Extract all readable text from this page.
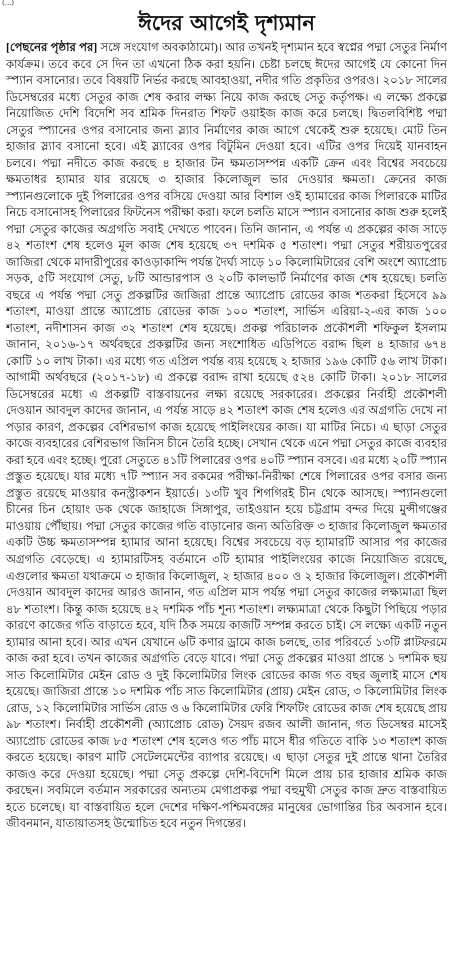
(...)
ঈদের আগেই দৃশ্যমান
[পেছনের পৃষ্ঠার পর] সঙ্গে সংযোগ অবকাঠামো)। আর তখনই দৃশ্যমান হবে স্বপ্নের পদ্মা সেতুর নির্মাণ কার্যক্রম। তবে কবে সে দিন তা এখনো ঠিক করা হয়নি। চেষ্টা চলছে ঈদের আগেই যে কোনো দিন স্প্যান বসানোর। তবে বিষয়টি নির্ভর করছে আবহাওয়া, নদীর গতি প্রকৃতির ওপরও। ২০১৮ সালের ডিসেম্বরের মধ্যে সেতুর কাজ শেষ করার লক্ষ্য নিয়ে কাজ করছে সেতু কর্তৃপক্ষ। এ লক্ষ্যে প্রকল্পে নিয়োজিত দেশি বিদেশি সব শ্রমিক দিনরাত শিফট ওয়াইজ কাজ করে চলছে। দ্বিতলবিশিষ্ট পদ্মা সেতুর স্প্যানের ওপর বসানোর জন্য স্ল্যাব নির্মাণের কাজ আগে থেকেই শুরু হয়েছে। মোট তিন হাজার স্ল্যাব বসানো হবে। এই স্ল্যাবের ওপর বিটুমিন দেওয়া হবে। এটির ওপর দিয়েই যানবাহন চলবে। পদ্মা নদীতে কাজ করছে ৪ হাজার টন ক্ষমতাসম্পন্ন একটি ক্রেন এবং বিশ্বের সবচেয়ে ক্ষমতাধর হ্যামার যার রয়েছে ৩ হাজার কিলোজুল ভার দেওয়ার ক্ষমতা। ক্রেনের কাজ স্প্যানগুলোকে দুই পিলারের ওপর বসিয়ে দেওয়া আর বিশাল ওই হ্যামারের কাজ পিলারকে মাটির নিচে বসানোসহ পিলারের ফিটনেস পরীক্ষা করা। ফলে চলতি মাসে স্প্যান বসানোর কাজ শুরু হলেই পদ্মা সেতুর কাজের অগ্রগতি সবাই দেখতে পাবেন। তিনি জানান, এ পর্যন্ত এ প্রকল্পের কাজ সাড়ে ৪২ শতাংশ শেষ হলেও মূল কাজ শেষ হয়েছে ৩৭ দশমিক ৫ শতাংশ। পদ্মা সেতুর শরীয়তপুরের জাজিরা থেকে মাদারীপুরের কাওড়াকান্দি পর্যন্ত দৈর্ঘ্য সাড়ে ১০ কিলোমিটারের বেশি অংশে অ্যাপ্রোচ সড়ক, ৫টি সংযোগ সেতু, ৮টি আন্ডারপাস ও ২০টি কালভার্ট নির্মাণের কাজ শেষ হয়েছে। চলতি বছরে এ পর্যন্ত পদ্মা সেতু প্রকল্পটির জাজিরা প্রান্তে অ্যাপ্রোচ রোডের কাজ শতকরা হিসেবে ৯৯ শতাংশ, মাওয়া প্রান্তে অ্যাপ্রোচ রোডের কাজ ১০০ শতাংশ, সার্ভিস এরিয়া-২-এর কাজ ১০০ শতাংশ, নদীশাসন কাজ ৩২ শতাংশ শেষ হয়েছে। প্রকল্প পরিচালক প্রকৌশলী শফিকুল ইসলাম জানান, ২০১৬-১৭ অর্থবছরে প্রকল্পটির জন্য সংশোধিত এডিপিতে বরাদ্দ ছিল ৪ হাজার ৬৭৪ কোটি ১০ লাখ টাকা। এর মধ্যে গত এপ্রিল পর্যন্ত ব্যয় হয়েছে ২ হাজার ১৯৬ কোটি ৫৬ লাখ টাকা। আগামী অর্থবছরে (২০১৭-১৮) এ প্রকল্পে বরাদ্দ রাখা হয়েছে ৫২৪ কোটি টাকা। ২০১৮ সালের ডিসেম্বরের মধ্যে এ প্রকল্পটি বাস্তবায়নের লক্ষ্য রয়েছে সরকারের। প্রকল্পের নির্বাহী প্রকৌশলী দেওয়ান আবদুল কাদের জানান, এ পর্যন্ত সাড়ে ৪২ শতাংশ কাজ শেষ হলেও এর অগ্রগতি দেখে না পড়ার কারণ, প্রকল্পের বেশিরভাগ কাজ হয়েছে পাইলিংয়ের কাজ। যা মাটির নিচে। এ ছাড়া সেতুর কাজে ব্যবহারের বেশিরভাগ জিনিস চীনে তৈরি হচ্ছে। সেখান থেকে এনে পদ্মা সেতুর কাজে ব্যবহার করা হবে এবং হচ্ছে। পুরো সেতুতে ৪১টি পিলারের ওপর ৪০টি স্প্যান বসবে। এর মধ্যে ২০টি স্প্যান প্রস্তুত হয়েছে। যার মধ্যে ৭টি স্প্যান সব রকমের পরীক্ষা-নিরীক্ষা শেষে পিলারের ওপর বসার জন্য প্রস্তুত রয়েছে মাওয়ার কনস্ট্রাকশন ইয়ার্ডে। ১৩টি খুব শিগগিরই চীন থেকে আসছে। স্প্যানগুলো চীনের চিন হোয়াং ডক থেকে জাহাজে সিঙ্গাপুর, তাইওয়ান হয়ে চট্টগ্রাম বন্দর দিয়ে মুন্সীগঞ্জের মাওয়ায় পৌঁছায়। পদ্মা সেতুর কাজের গতি বাড়ানোর জন্য অতিরিক্ত ৩ হাজার কিলোজুল ক্ষমতার একটি উচ্চ ক্ষমতাসম্পন্ন হ্যামার আনা হয়েছে। বিশ্বের সবচেয়ে বড় হ্যামারটি আসার পর কাজের অগ্রগতি বেড়েছে। এ হ্যামারটিসহ বর্তমানে ৩টি হ্যামার পাইলিংয়ের কাজে নিয়োজিত রয়েছে, এগুলোর ক্ষমতা যথাক্রমে ৩ হাজার কিলোজুল, ২ হাজার ৪০০ ও ২ হাজার কিলোজুল। প্রকৌশলী দেওয়ান আবদুল কাদের আরও জানান, গত এপ্রিল মাস পর্যন্ত পদ্মা সেতুর কাজের লক্ষ্যমাত্রা ছিল ৪৮ শতাংশ। কিন্তু কাজ হয়েছে ৪২ দশমিক পাঁচ শূন্য শতাংশ। লক্ষ্যমাত্রা থেকে কিছুটা পিছিয়ে পড়ার কারণে কাজের গতি বাড়াতে হবে, যদি ঠিক সময়ে কাজটি সম্পন্ন করতে চাই। সে লক্ষ্যে একটি নতুন হ্যামার আনা হবে। আর এখন যেখানে ৬টি কণার ড্রামে কাজ চলছে, তার পরিবর্তে ১৩টি প্লাটফরমে কাজ করা হবে। তখন কাজের অগ্রগতি বেড়ে যাবে। পদ্মা সেতু প্রকল্পের মাওয়া প্রান্তে ১ দশমিক ছয় সাত কিলোমিটার মেইন রোড ও দুই কিলোমিটার লিংক রোডের কাজ গত বছর জুলাই মাসে শেষ হয়েছে। জাজিরা প্রান্তে ১০ দশমিক পাঁচ সাত কিলোমিটার (প্রায়) মেইন রোড, ৩ কিলোমিটার লিংক রোড, ১২ কিলোমিটার সার্ভিস রোড ও ৬ কিলোমিটার ফেরি শিফটিং রোডের কাজ শেষ হয়েছে প্রায় ৯৮ শতাংশ। নির্বাহী প্রকৌশলী (অ্যাপ্রোচ রোড) সৈয়দ রজব আলী জানান, গত ডিসেম্বর মাসেই অ্যাপ্রোচ রোডের কাজ ৮৫ শতাংশ শেষ হলেও গত পাঁচ মাসে ধীর গতিতে বাকি ১৩ শতাংশ কাজ করতে হয়েছে। কারণ মাটি সেটেলমেন্টের ব্যাপার রয়েছে। এ ছাড়া সেতুর দুই প্রান্তে থানা তৈরির কাজও করে দেওয়া হয়েছে। পদ্মা সেতু প্রকল্পে দেশি-বিদেশি মিলে প্রায় চার হাজার শ্রমিক কাজ করছেন। সবমিলে বর্তমান সরকারের অন্যতম মেগাপ্রকল্প পদ্মা বহুমুখী সেতুর কাজ দ্রুত বাস্তবায়িত হতে চলেছে। যা বাস্তবায়িত হলে দেশের দক্ষিণ-পশ্চিমবঙ্গের মানুষের ভোগান্তির চির অবসান হবে। জীবনমান, যাতায়াতসহ উন্মোচিত হবে নতুন দিগন্তের।
